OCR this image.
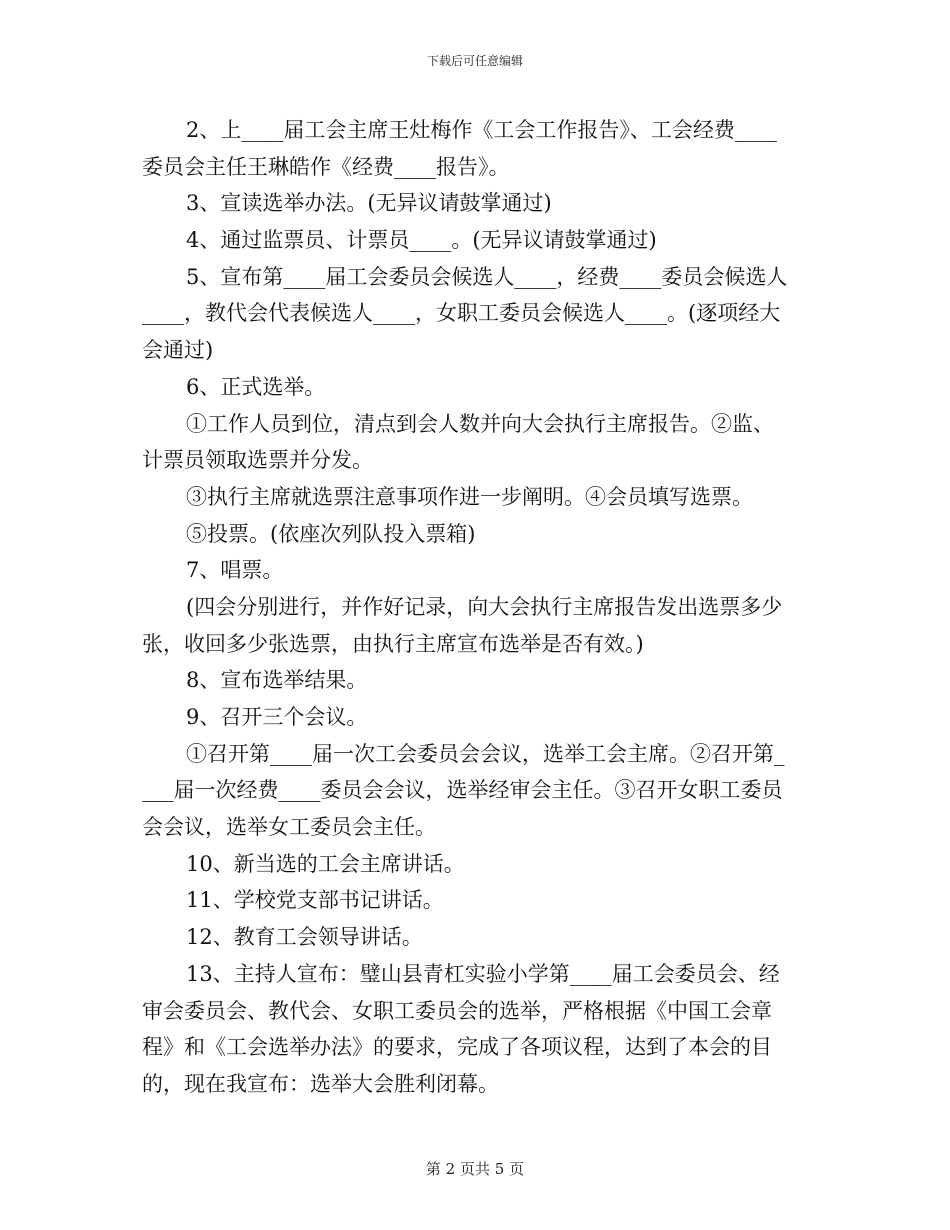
下载后可任意编辑
2、上____届工会主席王灶梅作《工会工作报告》、工会经费____
委员会主任王琳皓作《经费____报告》。
3、宣读选举办法。(无异议请鼓掌通过)
4、通过监票员、计票员____。(无异议请鼓掌通过)
5、宣布第____届工会委员会候选人____，经费____委员会候选人
____，教代会代表候选人____，女职工委员会候选人____。(逐项经大
会通过)
6、正式选举。
①工作人员到位，清点到会人数并向大会执行主席报告。②监、
计票员领取选票并分发。
③执行主席就选票注意事项作进一步阐明。④会员填写选票。
⑤投票。(依座次列队投入票箱)
7、唱票。
(四会分别进行，并作好记录，向大会执行主席报告发出选票多少
张，收回多少张选票，由执行主席宣布选举是否有效。)
8、宣布选举结果。
9、召开三个会议。
①召开第____届一次工会委员会会议，选举工会主席。②召开第_
___届一次经费____委员会会议，选举经审会主任。③召开女职工委员
会会议，选举女工委员会主任。
10、新当选的工会主席讲话。
11、学校党支部书记讲话。
12、教育工会领导讲话。
13、主持人宣布：璧山县青杠实验小学第____届工会委员会、经
审会委员会、教代会、女职工委员会的选举，严格根据《中国工会章
程》和《工会选举办法》的要求，完成了各项议程，达到了本会的目
的，现在我宣布：选举大会胜利闭幕。
第 2 页共 5 页
